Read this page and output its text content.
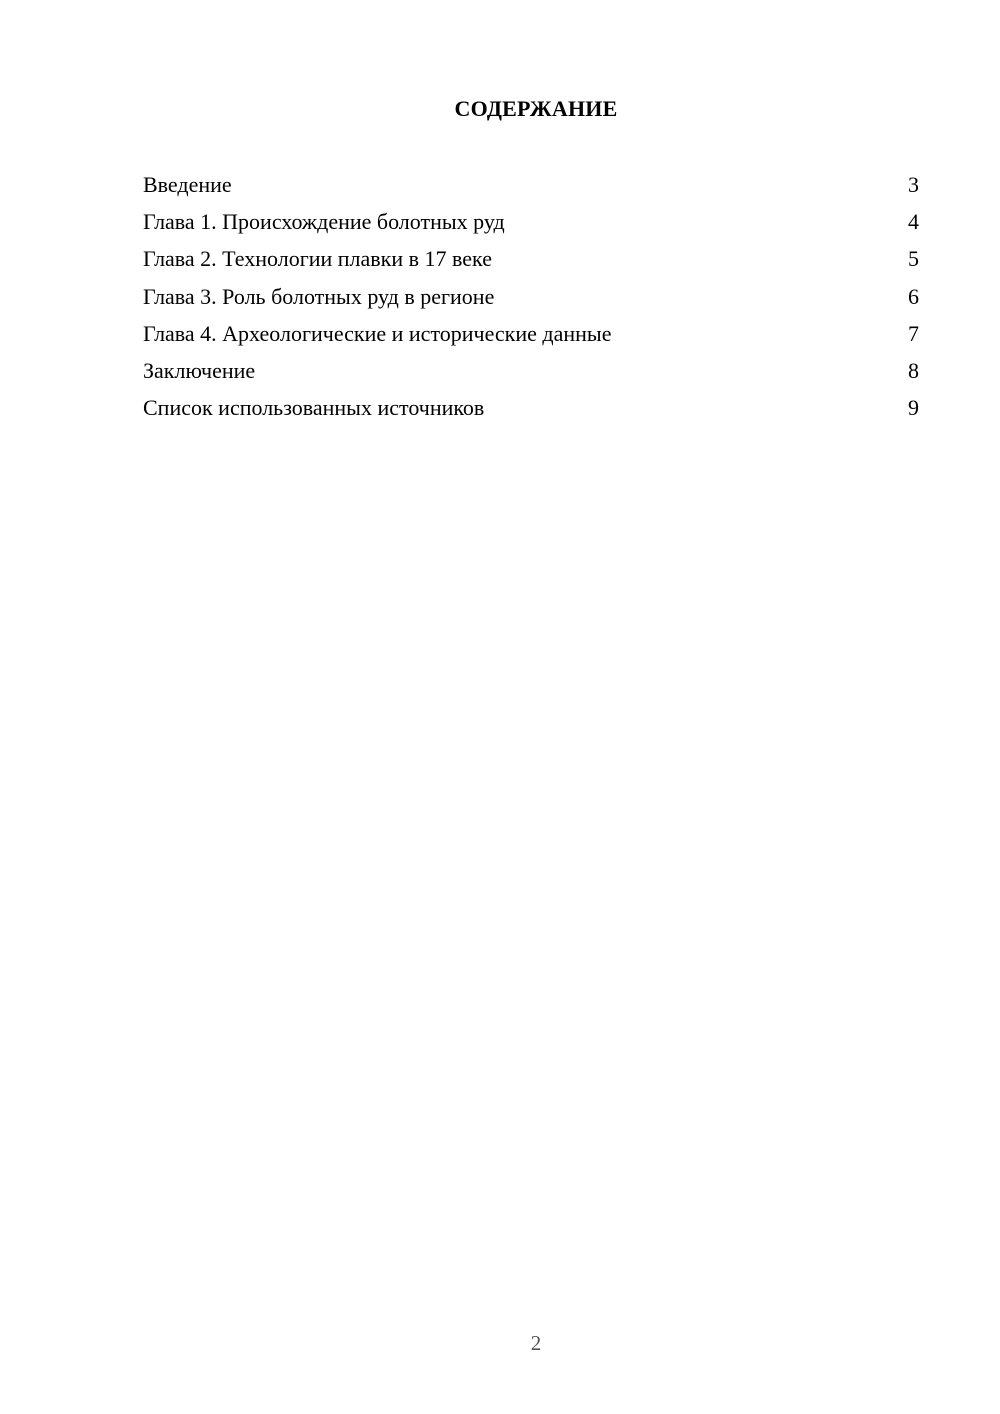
СОДЕРЖАНИЕ
Введение	3
Глава 1. Происхождение болотных руд	4
Глава 2. Технологии плавки в 17 веке	5
Глава 3. Роль болотных руд в регионе	6
Глава 4. Археологические и исторические данные	7
Заключение	8
Список использованных источников	9
2
